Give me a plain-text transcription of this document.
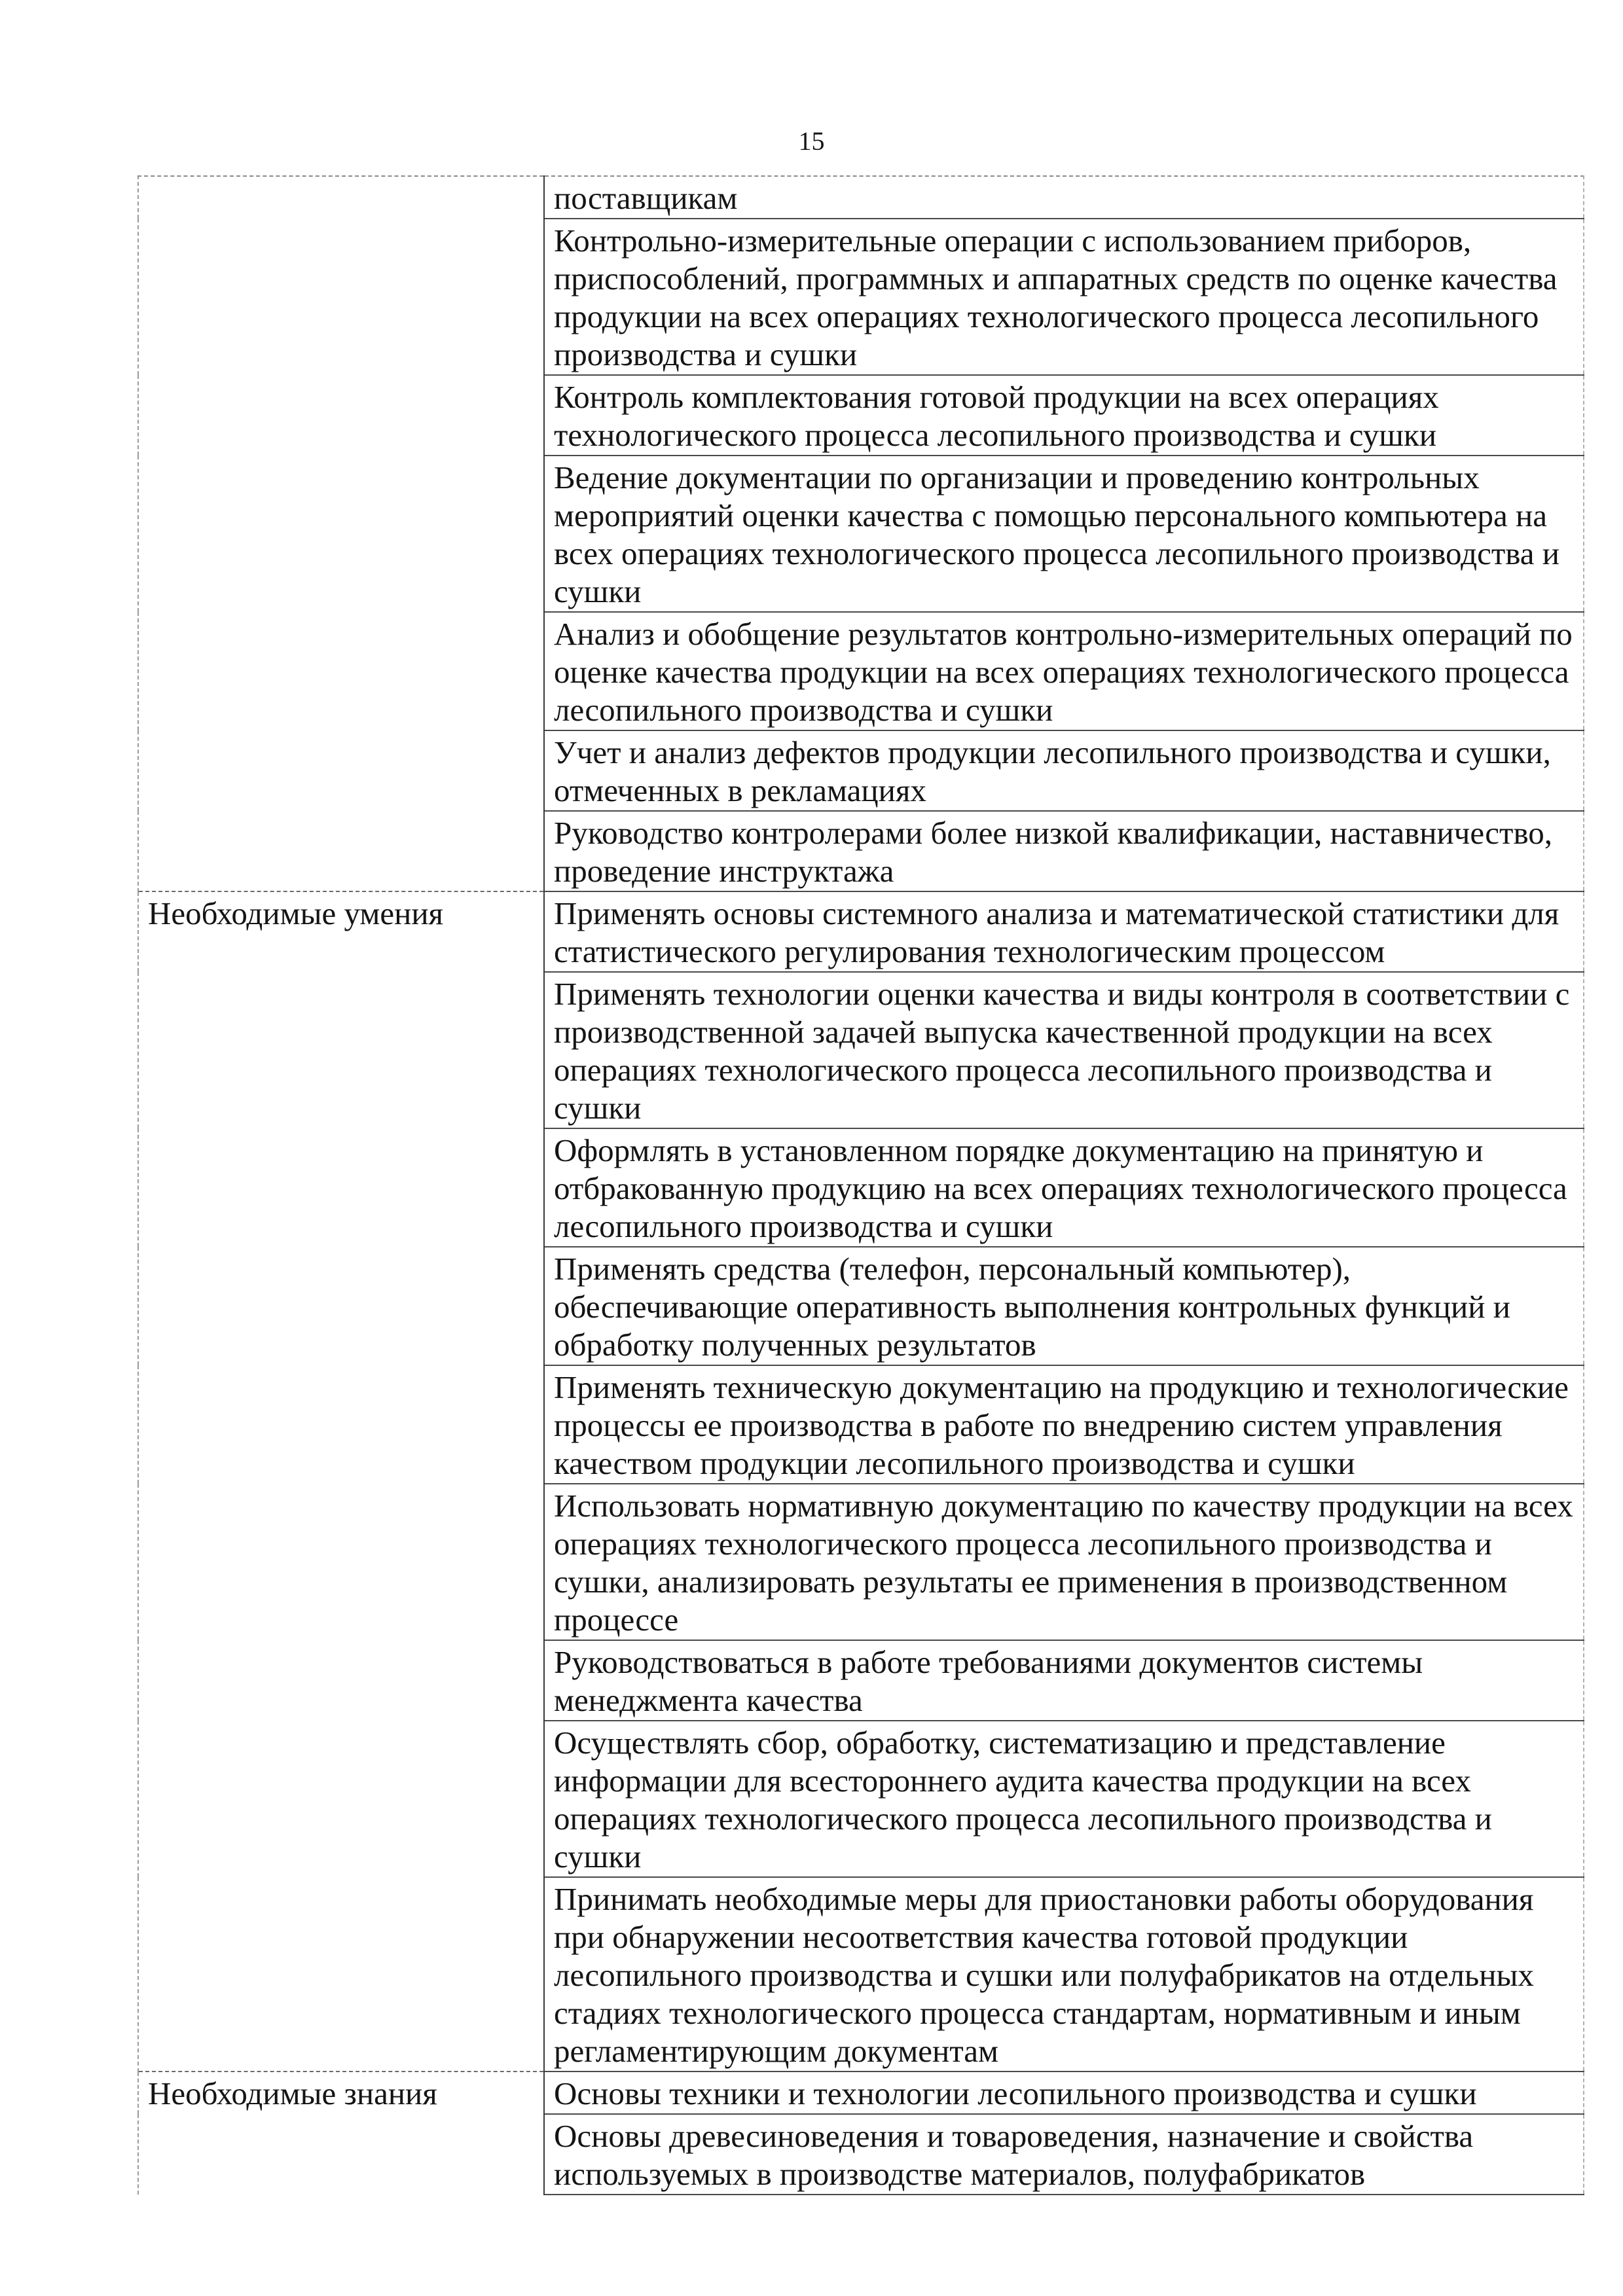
15
	поставщикам
	Контрольно-измерительные операции с использованием приборов, приспособлений, программных и аппаратных средств по оценке качества продукции на всех операциях технологического процесса лесопильного производства и сушки
	Контроль комплектования готовой продукции на всех операциях технологического процесса лесопильного производства и сушки
	Ведение документации по организации и проведению контрольных мероприятий оценки качества с помощью персонального компьютера на всех операциях технологического процесса лесопильного производства и сушки
	Анализ и обобщение результатов контрольно-измерительных операций по оценке качества продукции на всех операциях технологического процесса лесопильного производства и сушки
	Учет и анализ дефектов продукции лесопильного производства и сушки, отмеченных в рекламациях
	Руководство контролерами более низкой квалификации, наставничество, проведение инструктажа
Необходимые умения	Применять основы системного анализа и математической статистики для статистического регулирования технологическим процессом
	Применять технологии оценки качества и виды контроля в соответствии с производственной задачей выпуска качественной продукции на всех операциях технологического процесса лесопильного производства и сушки
	Оформлять в установленном порядке документацию на принятую и отбракованную продукцию на всех операциях технологического процесса лесопильного производства и сушки
	Применять средства (телефон, персональный компьютер), обеспечивающие оперативность выполнения контрольных функций и обработку полученных результатов
	Применять техническую документацию на продукцию и технологические процессы ее производства в работе по внедрению систем управления качеством продукции лесопильного производства и сушки
	Использовать нормативную документацию по качеству продукции на всех операциях технологического процесса лесопильного производства и сушки, анализировать результаты ее применения в производственном процессе
	Руководствоваться в работе требованиями документов системы менеджмента качества
	Осуществлять сбор, обработку, систематизацию и представление информации для всестороннего аудита качества продукции на всех операциях технологического процесса лесопильного производства и сушки
	Принимать необходимые меры для приостановки работы оборудования при обнаружении несоответствия качества готовой продукции лесопильного производства и сушки или полуфабрикатов на отдельных стадиях технологического процесса стандартам, нормативным и иным регламентирующим документам
Необходимые знания	Основы техники и технологии лесопильного производства и сушки
	Основы древесиноведения и товароведения, назначение и свойства используемых в производстве материалов, полуфабрикатов
